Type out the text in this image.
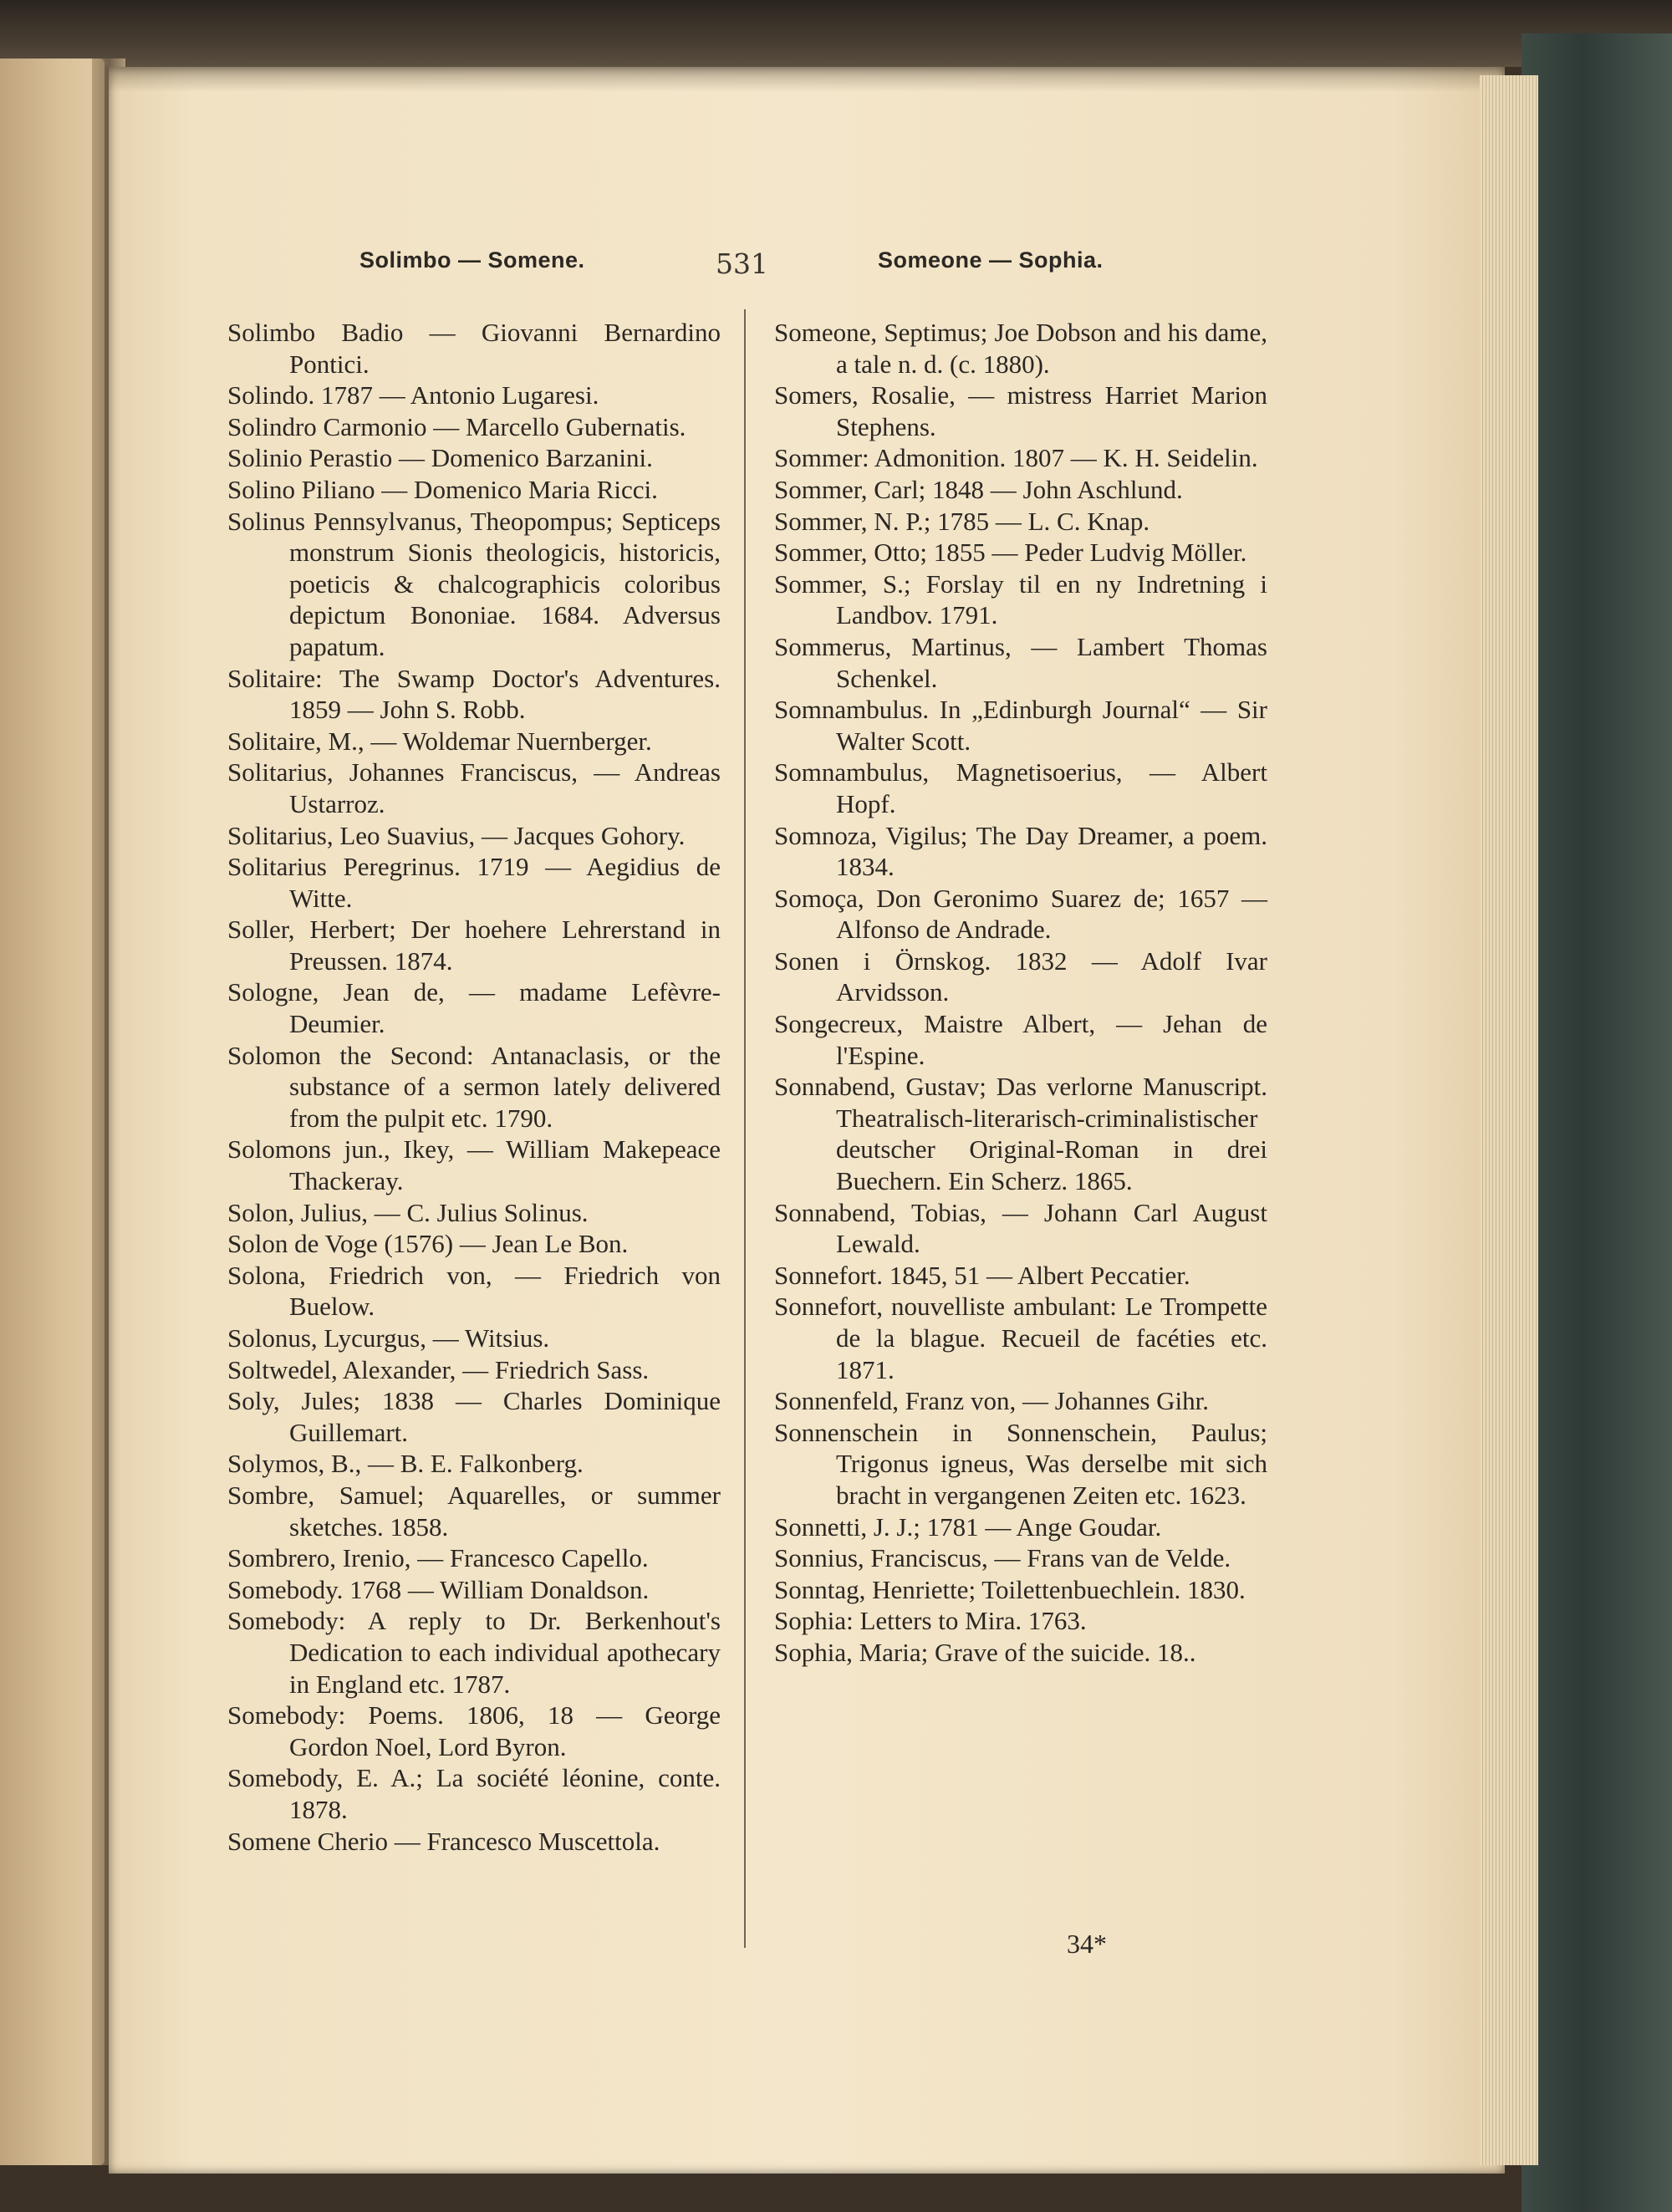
Solimbo — Somene.	531	Someone — Sophia.

Solimbo Badio — Giovanni Bernardino Pontici.

Solindo. 1787 — Antonio Lugaresi.

Solindro Carmonio — Marcello Gubernatis.

Solinio Perastio — Domenico Barzanini.

Solino Piliano — Domenico Maria Ricci.

Solinus Pennsylvanus, Theopompus; Septiceps monstrum Sionis theologicis, historicis, poeticis & chalcographicis coloribus depictum Bononiae. 1684. Adversus papatum.

Solitaire: The Swamp Doctor's Adventures. 1859 — John S. Robb.

Solitaire, M., — Woldemar Nuernberger.

Solitarius, Johannes Franciscus, — Andreas Ustarroz.

Solitarius, Leo Suavius, — Jacques Gohory.

Solitarius Peregrinus. 1719 — Aegidius de Witte.

Soller, Herbert; Der hoehere Lehrerstand in Preussen. 1874.

Sologne, Jean de, — madame Lefèvre-Deumier.

Solomon the Second: Antanaclasis, or the substance of a sermon lately delivered from the pulpit etc. 1790.

Solomons jun., Ikey, — William Makepeace Thackeray.

Solon, Julius, — C. Julius Solinus.

Solon de Voge (1576) — Jean Le Bon.

Solona, Friedrich von, — Friedrich von Buelow.

Solonus, Lycurgus, — Witsius.

Soltwedel, Alexander, — Friedrich Sass.

Soly, Jules; 1838 — Charles Dominique Guillemart.

Solymos, B., — B. E. Falkonberg.

Sombre, Samuel; Aquarelles, or summer sketches. 1858.

Sombrero, Irenio, — Francesco Capello.

Somebody. 1768 — William Donaldson.

Somebody: A reply to Dr. Berkenhout's Dedication to each individual apothecary in England etc. 1787.

Somebody: Poems. 1806, 18 — George Gordon Noel, Lord Byron.

Somebody, E. A.; La société léonine, conte. 1878.

Somene Cherio — Francesco Muscettola.

Someone, Septimus; Joe Dobson and his dame, a tale n. d. (c. 1880).

Somers, Rosalie, — mistress Harriet Marion Stephens.

Sommer: Admonition. 1807 — K. H. Seidelin.

Sommer, Carl; 1848 — John Aschlund.

Sommer, N. P.; 1785 — L. C. Knap.

Sommer, Otto; 1855 — Peder Ludvig Möller.

Sommer, S.; Forslay til en ny Indretning i Landbov. 1791.

Sommerus, Martinus, — Lambert Thomas Schenkel.

Somnambulus. In „Edinburgh Journal“ — Sir Walter Scott.

Somnambulus, Magnetisoerius, — Albert Hopf.

Somnoza, Vigilus; The Day Dreamer, a poem. 1834.

Somoça, Don Geronimo Suarez de; 1657 — Alfonso de Andrade.

Sonen i Örnskog. 1832 — Adolf Ivar Arvidsson.

Songecreux, Maistre Albert, — Jehan de l'Espine.

Sonnabend, Gustav; Das verlorne Manuscript. Theatralisch-literarisch-criminalistischer deutscher Original-Roman in drei Buechern. Ein Scherz. 1865.

Sonnabend, Tobias, — Johann Carl August Lewald.

Sonnefort. 1845, 51 — Albert Peccatier.

Sonnefort, nouvelliste ambulant: Le Trompette de la blague. Recueil de facéties etc. 1871.

Sonnenfeld, Franz von, — Johannes Gihr.

Sonnenschein in Sonnenschein, Paulus; Trigonus igneus, Was derselbe mit sich bracht in vergangenen Zeiten etc. 1623.

Sonnetti, J. J.; 1781 — Ange Goudar.

Sonnius, Franciscus, — Frans van de Velde.

Sonntag, Henriette; Toilettenbuechlein. 1830.

Sophia: Letters to Mira. 1763.

Sophia, Maria; Grave of the suicide. 18..

34*
